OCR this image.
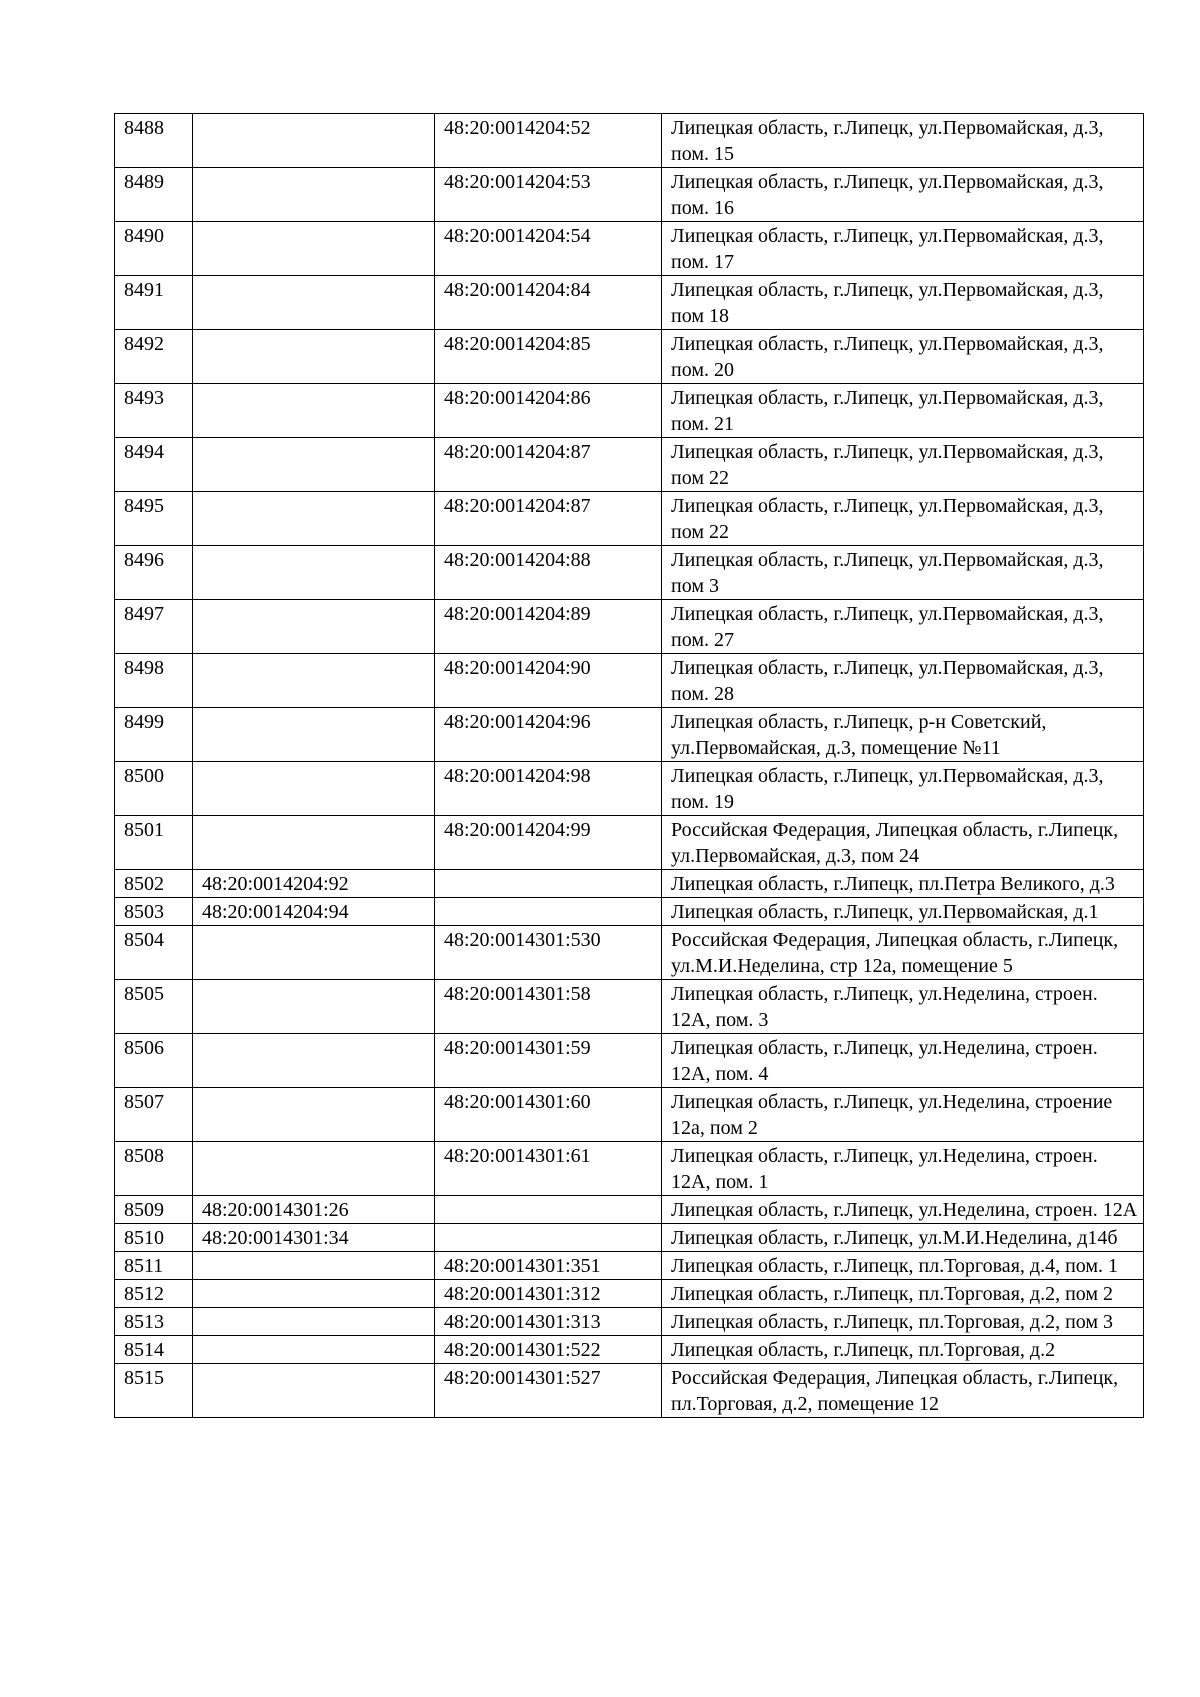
8488		48:20:0014204:52	Липецкая область, г.Липецк, ул.Первомайская, д.3, пом. 15
8489		48:20:0014204:53	Липецкая область, г.Липецк, ул.Первомайская, д.3, пом. 16
8490		48:20:0014204:54	Липецкая область, г.Липецк, ул.Первомайская, д.3, пом. 17
8491		48:20:0014204:84	Липецкая область, г.Липецк, ул.Первомайская, д.3, пом 18
8492		48:20:0014204:85	Липецкая область, г.Липецк, ул.Первомайская, д.3, пом. 20
8493		48:20:0014204:86	Липецкая область, г.Липецк, ул.Первомайская, д.3, пом. 21
8494		48:20:0014204:87	Липецкая область, г.Липецк, ул.Первомайская, д.3, пом 22
8495		48:20:0014204:87	Липецкая область, г.Липецк, ул.Первомайская, д.3, пом 22
8496		48:20:0014204:88	Липецкая область, г.Липецк, ул.Первомайская, д.3, пом 3
8497		48:20:0014204:89	Липецкая область, г.Липецк, ул.Первомайская, д.3, пом. 27
8498		48:20:0014204:90	Липецкая область, г.Липецк, ул.Первомайская, д.3, пом. 28
8499		48:20:0014204:96	Липецкая область, г.Липецк, р-н Советский, ул.Первомайская, д.3, помещение №11
8500		48:20:0014204:98	Липецкая область, г.Липецк, ул.Первомайская, д.3, пом. 19
8501		48:20:0014204:99	Российская Федерация, Липецкая область, г.Липецк, ул.Первомайская, д.3, пом 24
8502	48:20:0014204:92		Липецкая область, г.Липецк, пл.Петра Великого, д.3
8503	48:20:0014204:94		Липецкая область, г.Липецк, ул.Первомайская, д.1
8504		48:20:0014301:530	Российская Федерация, Липецкая область, г.Липецк, ул.М.И.Неделина, стр 12а, помещение 5
8505		48:20:0014301:58	Липецкая область, г.Липецк, ул.Неделина, строен. 12А, пом. 3
8506		48:20:0014301:59	Липецкая область, г.Липецк, ул.Неделина, строен. 12А, пом. 4
8507		48:20:0014301:60	Липецкая область, г.Липецк, ул.Неделина, строение 12а, пом 2
8508		48:20:0014301:61	Липецкая область, г.Липецк, ул.Неделина, строен. 12А, пом. 1
8509	48:20:0014301:26		Липецкая область, г.Липецк, ул.Неделина, строен. 12А
8510	48:20:0014301:34		Липецкая область, г.Липецк, ул.М.И.Неделина, д14б
8511		48:20:0014301:351	Липецкая область, г.Липецк, пл.Торговая, д.4, пом. 1
8512		48:20:0014301:312	Липецкая область, г.Липецк, пл.Торговая, д.2, пом 2
8513		48:20:0014301:313	Липецкая область, г.Липецк, пл.Торговая, д.2, пом 3
8514		48:20:0014301:522	Липецкая область, г.Липецк, пл.Торговая, д.2
8515		48:20:0014301:527	Российская Федерация, Липецкая область, г.Липецк, пл.Торговая, д.2, помещение 12
